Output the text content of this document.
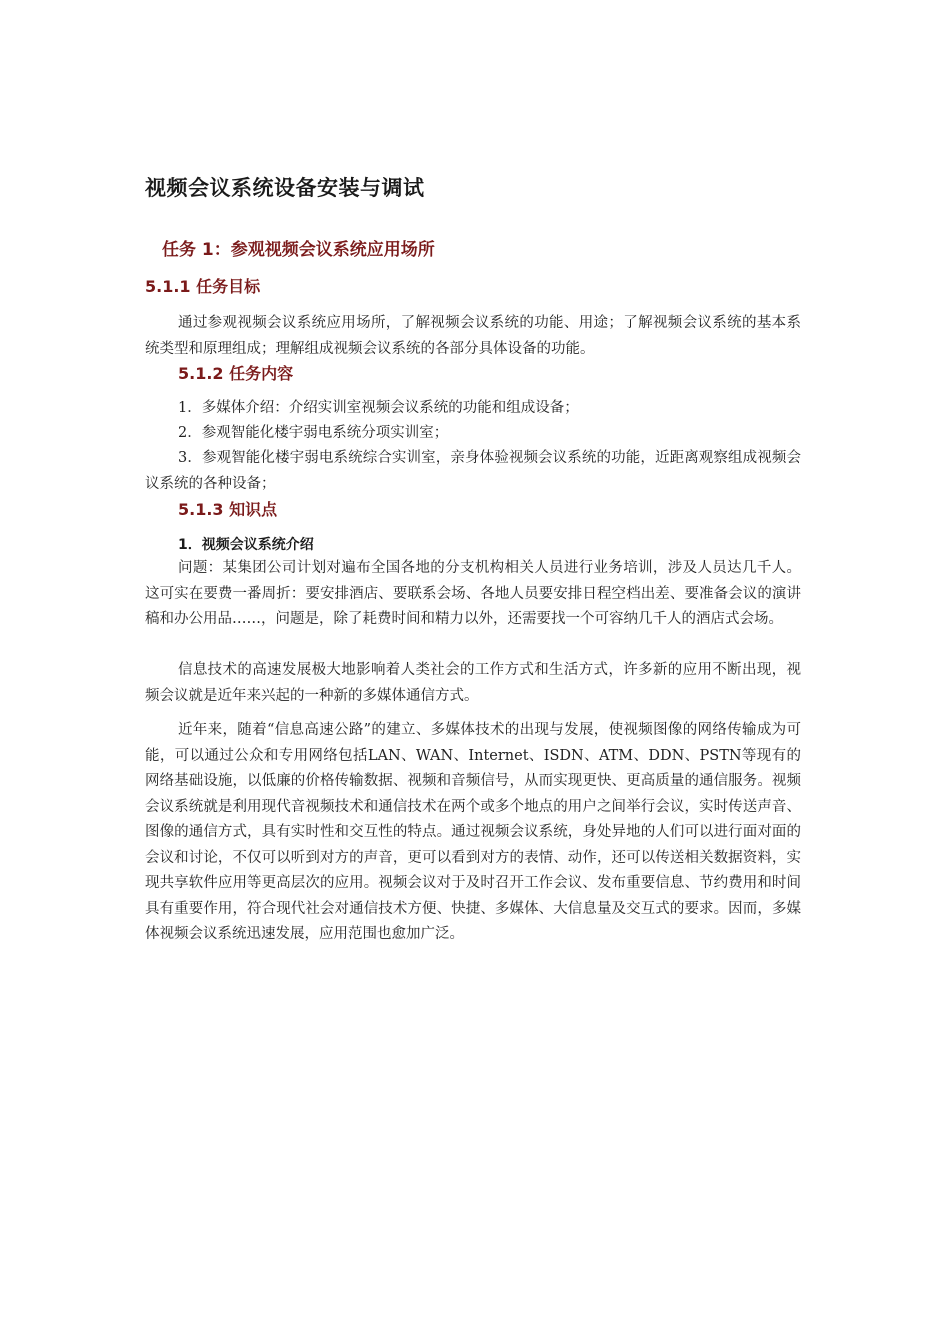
视频会议系统设备安装与调试
任务 1：参观视频会议系统应用场所
5.1.1 任务目标
通过参观视频会议系统应用场所，了解视频会议系统的功能、用途；了解视频会议系统的基本系统类型和原理组成；理解组成视频会议系统的各部分具体设备的功能。
5.1.2 任务内容
1．多媒体介绍：介绍实训室视频会议系统的功能和组成设备；
2．参观智能化楼宇弱电系统分项实训室；
3．参观智能化楼宇弱电系统综合实训室，亲身体验视频会议系统的功能，近距离观察组成视频会议系统的各种设备；
5.1.3 知识点
1．视频会议系统介绍
问题：某集团公司计划对遍布全国各地的分支机构相关人员进行业务培训，涉及人员达几千人。这可实在要费一番周折：要安排酒店、要联系会场、各地人员要安排日程空档出差、要准备会议的演讲稿和办公用品……，问题是，除了耗费时间和精力以外，还需要找一个可容纳几千人的酒店式会场。
信息技术的高速发展极大地影响着人类社会的工作方式和生活方式，许多新的应用不断出现，视频会议就是近年来兴起的一种新的多媒体通信方式。
近年来，随着“信息高速公路”的建立、多媒体技术的出现与发展，使视频图像的网络传输成为可能，可以通过公众和专用网络包括LAN、WAN、Internet、ISDN、ATM、DDN、PSTN等现有的网络基础设施，以低廉的价格传输数据、视频和音频信号，从而实现更快、更高质量的通信服务。视频会议系统就是利用现代音视频技术和通信技术在两个或多个地点的用户之间举行会议，实时传送声音、图像的通信方式，具有实时性和交互性的特点。通过视频会议系统，身处异地的人们可以进行面对面的会议和讨论，不仅可以听到对方的声音，更可以看到对方的表情、动作，还可以传送相关数据资料，实现共享软件应用等更高层次的应用。视频会议对于及时召开工作会议、发布重要信息、节约费用和时间具有重要作用，符合现代社会对通信技术方便、快捷、多媒体、大信息量及交互式的要求。因而，多媒体视频会议系统迅速发展，应用范围也愈加广泛。
